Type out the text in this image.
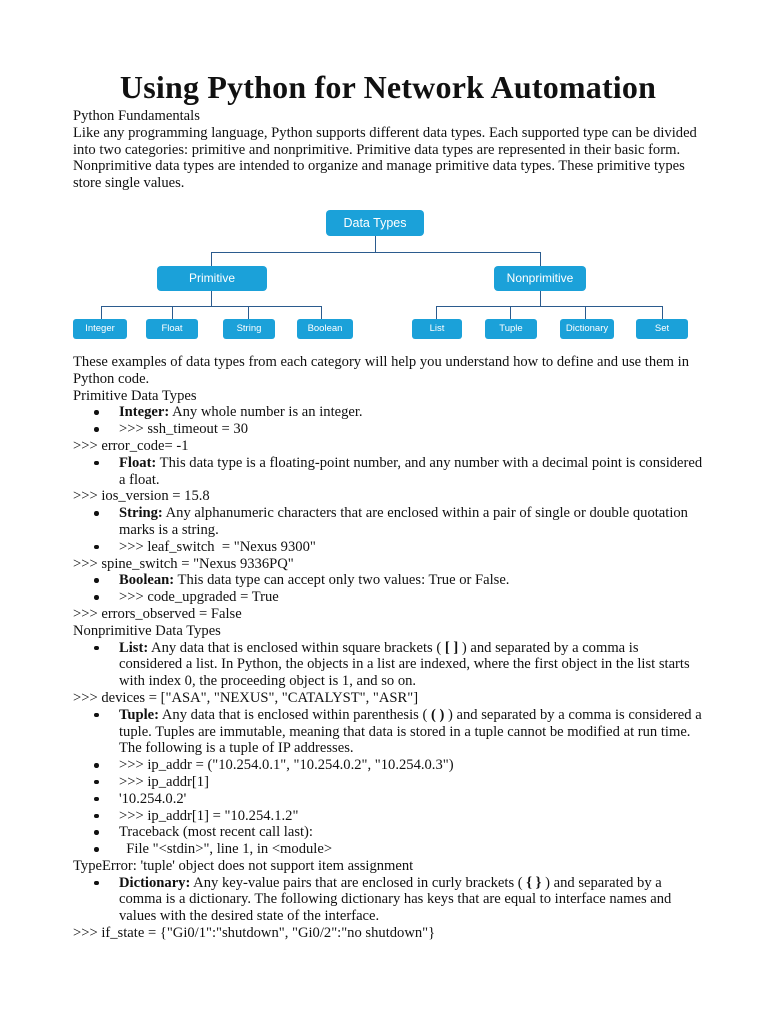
Using Python for Network Automation

Python Fundamentals

Like any programming language, Python supports different data types. Each supported type can be divided into two categories: primitive and nonprimitive. Primitive data types are represented in their basic form. Nonprimitive data types are intended to organize and manage primitive data types. These primitive types store single values.

Data Types
Primitive	Nonprimitive
Integer	Float	String	Boolean	List	Tuple	Dictionary	Set

These examples of data types from each category will help you understand how to define and use them in Python code.

Primitive Data Types

Integer: Any whole number is an integer.
>>> ssh_timeout = 30

>>> error_code= -1

Float: This data type is a floating-point number, and any number with a decimal point is considered a float.

>>> ios_version = 15.8

String: Any alphanumeric characters that are enclosed within a pair of single or double quotation marks is a string.
>>> leaf_switch  = "Nexus 9300"

>>> spine_switch = "Nexus 9336PQ"

Boolean: This data type can accept only two values: True or False.
>>> code_upgraded = True

>>> errors_observed = False

Nonprimitive Data Types

List: Any data that is enclosed within square brackets ( [ ] ) and separated by a comma is considered a list. In Python, the objects in a list are indexed, where the first object in the list starts with index 0, the proceeding object is 1, and so on.

>>> devices = ["ASA", "NEXUS", "CATALYST", "ASR"]

Tuple: Any data that is enclosed within parenthesis ( ( ) ) and separated by a comma is considered a tuple. Tuples are immutable, meaning that data is stored in a tuple cannot be modified at run time. The following is a tuple of IP addresses.
>>> ip_addr = ("10.254.0.1", "10.254.0.2", "10.254.0.3")
>>> ip_addr[1]
'10.254.0.2'
>>> ip_addr[1] = "10.254.1.2"
Traceback (most recent call last):
File "<stdin>", line 1, in <module>

TypeError: 'tuple' object does not support item assignment

Dictionary: Any key-value pairs that are enclosed in curly brackets ( { } ) and separated by a comma is a dictionary. The following dictionary has keys that are equal to interface names and values with the desired state of the interface.

>>> if_state = {"Gi0/1":"shutdown", "Gi0/2":"no shutdown"}
